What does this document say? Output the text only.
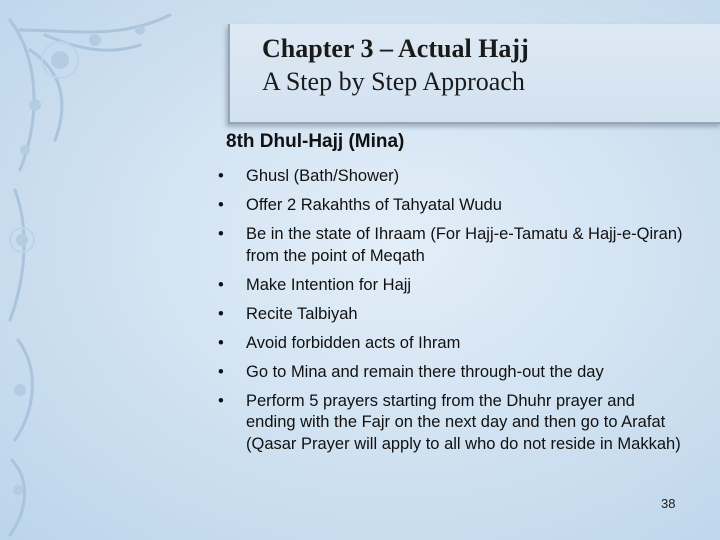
Chapter 3 – Actual Hajj

A Step by Step Approach

8th Dhul-Hajj (Mina)
• Ghusl (Bath/Shower)
• Offer 2 Rakahths of Tahyatal Wudu
• Be in the state of Ihraam (For Hajj-e-Tamatu & Hajj-e-Qiran) from the point of Meqath
• Make Intention for Hajj
• Recite Talbiyah
• Avoid forbidden acts of Ihram
• Go to Mina and remain there through-out the day
• Perform 5 prayers starting from the Dhuhr prayer and ending with the Fajr on the next day and then go to Arafat (Qasar Prayer will apply to all who do not reside in Makkah)
38
